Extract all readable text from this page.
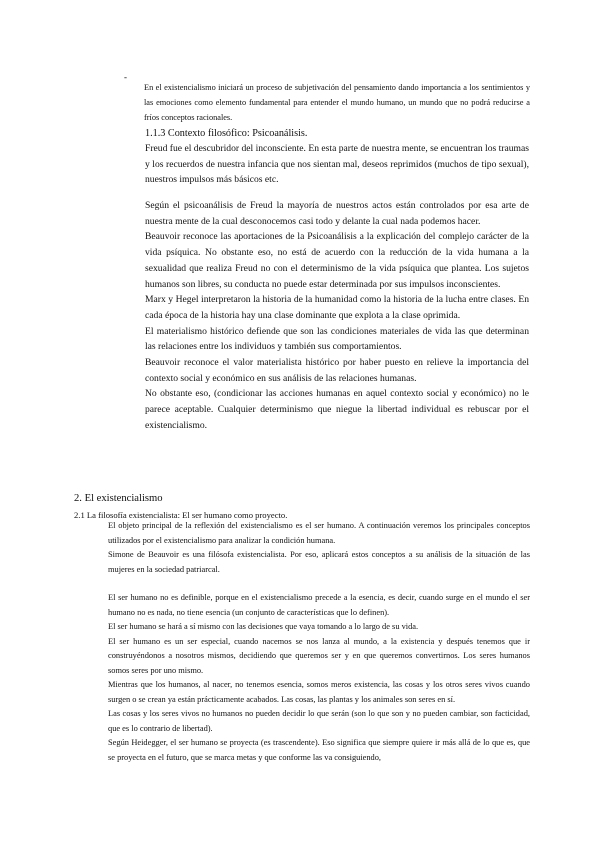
-

En el existencialismo iniciará un proceso de subjetivación del pensamiento dando importancia a los sentimientos y las emociones como elemento fundamental para entender el mundo humano, un mundo que no podrá reducirse a fríos conceptos racionales.

1.1.3 Contexto filosófico: Psicoanálisis.

Freud fue el descubridor del inconsciente. En esta parte de nuestra mente, se encuentran los traumas y los recuerdos de nuestra infancia que nos sientan mal, deseos reprimidos (muchos de tipo sexual), nuestros impulsos más básicos etc.
Según el psicoanálisis de Freud la mayoría de nuestros actos están controlados por esa arte de nuestra mente de la cual desconocemos casi todo y delante la cual nada podemos hacer.
Beauvoir reconoce las aportaciones de la Psicoanálisis a la explicación del complejo carácter de la vida psíquica. No obstante eso, no está de acuerdo con la reducción de la vida humana a la sexualidad que realiza Freud no con el determinismo de la vida psíquica que plantea. Los sujetos humanos son libres, su conducta no puede estar determinada por sus impulsos inconscientes.
Marx y Hegel interpretaron la historia de la humanidad como la historia de la lucha entre clases. En cada época de la historia hay una clase dominante que explota a la clase oprimida.
El materialismo histórico defiende que son las condiciones materiales de vida las que determinan las relaciones entre los individuos y también sus comportamientos.
Beauvoir reconoce el valor materialista histórico por haber puesto en relieve la importancia del contexto social y económico en sus análisis de las relaciones humanas.
No obstante eso, (condicionar las acciones humanas en aquel contexto social y económico) no le parece aceptable. Cualquier determinismo que niegue la libertad individual es rebuscar por el existencialismo.

2. El existencialismo

2.1 La filosofía existencialista: El ser humano como proyecto.

El objeto principal de la reflexión del existencialismo es el ser humano. A continuación veremos los principales conceptos utilizados por el existencialismo para analizar la condición humana.
Simone de Beauvoir es una filósofa existencialista. Por eso, aplicará estos conceptos a su análisis de la situación de las mujeres en la sociedad patriarcal.
El ser humano no es definible, porque en el existencialismo precede a la esencia, es decir, cuando surge en el mundo el ser humano no es nada, no tiene esencia (un conjunto de características que lo definen).
El ser humano se hará a sí mismo con las decisiones que vaya tomando a lo largo de su vida.
El ser humano es un ser especial, cuando nacemos se nos lanza al mundo, a la existencia y después tenemos que ir construyéndonos a nosotros mismos, decidiendo que queremos ser y en que queremos convertirnos. Los seres humanos somos seres por uno mismo.
Mientras que los humanos, al nacer, no tenemos esencia, somos meros existencia, las cosas y los otros seres vivos cuando surgen o se crean ya están prácticamente acabados. Las cosas, las plantas y los animales son seres en sí.
Las cosas y los seres vivos no humanos no pueden decidir lo que serán (son lo que son y no pueden cambiar, son facticidad, que es lo contrario de libertad).
Según Heidegger, el ser humano se proyecta (es trascendente). Eso significa que siempre quiere ir más allá de lo que es, que se proyecta en el futuro, que se marca metas y que conforme las va consiguiendo,
